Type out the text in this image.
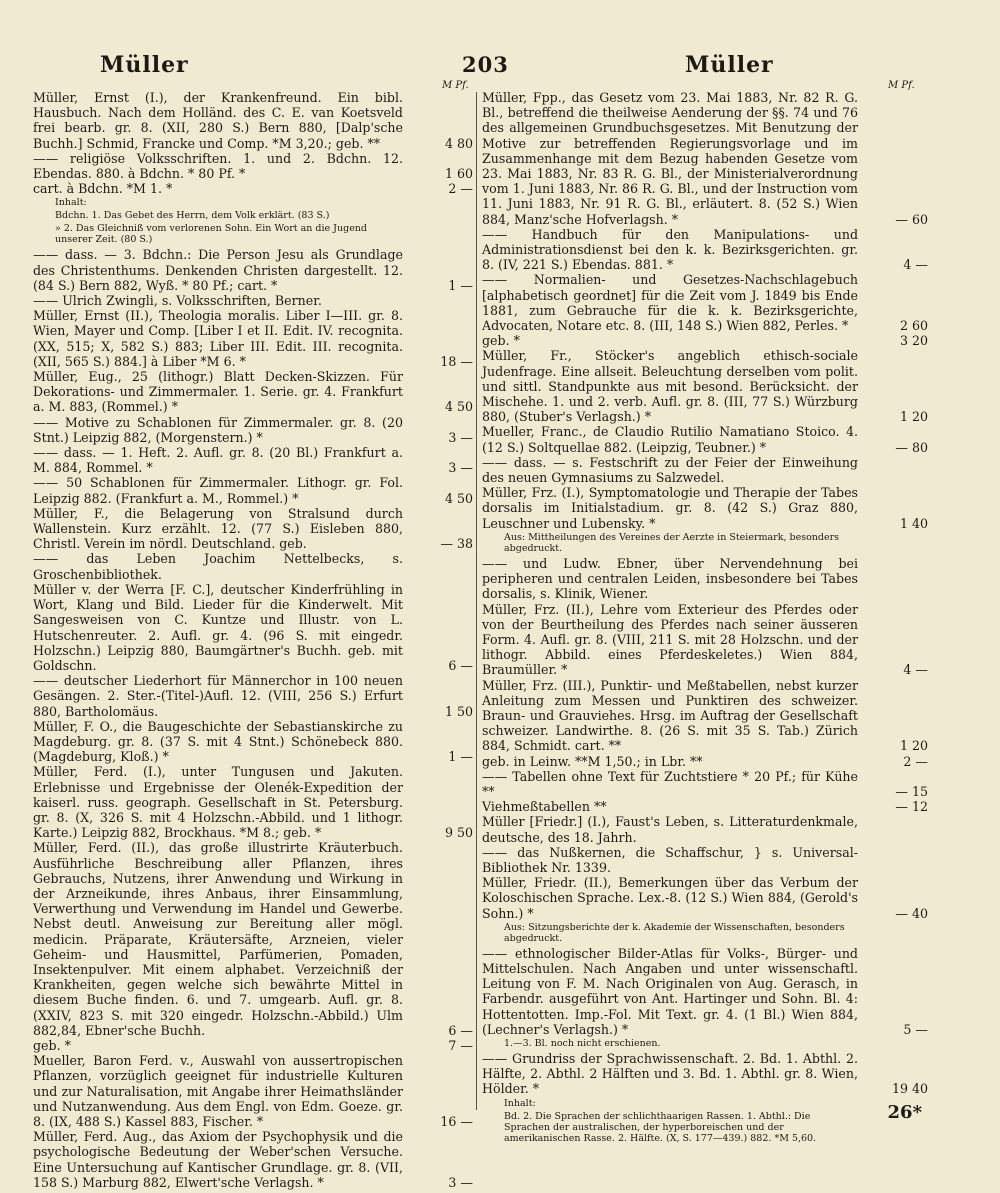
Müller	203	Müller
M Pf.	M Pf.
Müller, Ernst (I.), der Krankenfreund. Ein bibl. Hausbuch. Nach dem Holländ. des C. E. van Koetsveld frei bearb. gr. 8. (XII, 280 S.) Bern 880, [Dalp'sche Buchh.] Schmid, Francke und Comp. *M 3,20.; geb. **	4 80
—— religiöse Volksschriften. 1. und 2. Bdchn. 12. Ebendas. 880. à Bdchn. * 80 Pf. *	1 60
cart. à Bdchn. *M 1. *	2 —
Inhalt:
Bdchn. 1. Das Gebet des Herrn, dem Volk erklärt. (83 S.)
» 2. Das Gleichniß vom verlorenen Sohn. Ein Wort an die Jugend unserer Zeit. (80 S.)
—— dass. — 3. Bdchn.: Die Person Jesu als Grundlage des Christenthums. Denkenden Christen dargestellt. 12. (84 S.) Bern 882, Wyß. * 80 Pf.; cart. *	1 —
—— Ulrich Zwingli, s. Volksschriften, Berner.
Müller, Ernst (II.), Theologia moralis. Liber I—III. gr. 8. Wien, Mayer und Comp. [Liber I et II. Edit. IV. recognita. (XX, 515; X, 582 S.) 883; Liber III. Edit. III. recognita. (XII, 565 S.) 884.] à Liber *M 6. *	18 —
Müller, Eug., 25 (lithogr.) Blatt Decken-Skizzen. Für Dekorations- und Zimmermaler. 1. Serie. gr. 4. Frankfurt a. M. 883, (Rommel.) *	4 50
—— Motive zu Schablonen für Zimmermaler. gr. 8. (20 Stnt.) Leipzig 882, (Morgenstern.) *	3 —
—— dass. — 1. Heft. 2. Aufl. gr. 8. (20 Bl.) Frankfurt a. M. 884, Rommel. *	3 —
—— 50 Schablonen für Zimmermaler. Lithogr. gr. Fol. Leipzig 882. (Frankfurt a. M., Rommel.) *	4 50
Müller, F., die Belagerung von Stralsund durch Wallenstein. Kurz erzählt. 12. (77 S.) Eisleben 880, Christl. Verein im nördl. Deutschland. geb.	— 38
—— das Leben Joachim Nettelbecks, s. Groschenbibliothek.
Müller v. der Werra [F. C.], deutscher Kinderfrühling in Wort, Klang und Bild. Lieder für die Kinderwelt. Mit Sangesweisen von C. Kuntze und Illustr. von L. Hutschenreuter. 2. Aufl. gr. 4. (96 S. mit eingedr. Holzschn.) Leipzig 880, Baumgärtner's Buchh. geb. mit Goldschn.	6 —
—— deutscher Liederhort für Männerchor in 100 neuen Gesängen. 2. Ster.-(Titel-)Aufl. 12. (VIII, 256 S.) Erfurt 880, Bartholomäus.	1 50
Müller, F. O., die Baugeschichte der Sebastianskirche zu Magdeburg. gr. 8. (37 S. mit 4 Stnt.) Schönebeck 880. (Magdeburg, Kloß.) *	1 —
Müller, Ferd. (I.), unter Tungusen und Jakuten. Erlebnisse und Ergebnisse der Olenék-Expedition der kaiserl. russ. geograph. Gesellschaft in St. Petersburg. gr. 8. (X, 326 S. mit 4 Holzschn.-Abbild. und 1 lithogr. Karte.) Leipzig 882, Brockhaus. *M 8.; geb. *	9 50
Müller, Ferd. (II.), das große illustrirte Kräuterbuch. Ausführliche Beschreibung aller Pflanzen, ihres Gebrauchs, Nutzens, ihrer Anwendung und Wirkung in der Arzneikunde, ihres Anbaus, ihrer Einsammlung, Verwerthung und Verwendung im Handel und Gewerbe. Nebst deutl. Anweisung zur Bereitung aller mögl. medicin. Präparate, Kräutersäfte, Arzneien, vieler Geheim- und Hausmittel, Parfümerien, Pomaden, Insektenpulver. Mit einem alphabet. Verzeichniß der Krankheiten, gegen welche sich bewährte Mittel in diesem Buche finden. 6. und 7. umgearb. Aufl. gr. 8. (XXIV, 823 S. mit 320 eingedr. Holzschn.-Abbild.) Ulm 882,84, Ebner'sche Buchh.	6 —
geb. *	7 —
Mueller, Baron Ferd. v., Auswahl von aussertropischen Pflanzen, vorzüglich geeignet für industrielle Kulturen und zur Naturalisation, mit Angabe ihrer Heimathsländer und Nutzanwendung. Aus dem Engl. von Edm. Goeze. gr. 8. (IX, 488 S.) Kassel 883, Fischer. *	16 —
Müller, Ferd. Aug., das Axiom der Psychophysik und die psychologische Bedeutung der Weber'schen Versuche. Eine Untersuchung auf Kantischer Grundlage. gr. 8. (VII, 158 S.) Marburg 882, Elwert'sche Verlagsh. *	3 —
Müller, Fpp., das Gesetz vom 23. Mai 1883, Nr. 82 R. G. Bl., betreffend die theilweise Aenderung der §§. 74 und 76 des allgemeinen Grundbuchsgesetzes. Mit Benutzung der Motive zur betreffenden Regierungsvorlage und im Zusammenhange mit dem Bezug habenden Gesetze vom 23. Mai 1883, Nr. 83 R. G. Bl., der Ministerialverordnung vom 1. Juni 1883, Nr. 86 R. G. Bl., und der Instruction vom 11. Juni 1883, Nr. 91 R. G. Bl., erläutert. 8. (52 S.) Wien 884, Manz'sche Hofverlagsh. *	— 60
—— Handbuch für den Manipulations- und Administrationsdienst bei den k. k. Bezirksgerichten. gr. 8. (IV, 221 S.) Ebendas. 881. *	4 —
—— Normalien- und Gesetzes-Nachschlagebuch [alphabetisch geordnet] für die Zeit vom J. 1849 bis Ende 1881, zum Gebrauche für die k. k. Bezirksgerichte, Advocaten, Notare etc. 8. (III, 148 S.) Wien 882, Perles. *	2 60
geb. *	3 20
Müller, Fr., Stöcker's angeblich ethisch-sociale Judenfrage. Eine allseit. Beleuchtung derselben vom polit. und sittl. Standpunkte aus mit besond. Berücksicht. der Mischehe. 1. und 2. verb. Aufl. gr. 8. (III, 77 S.) Würzburg 880, (Stuber's Verlagsh.) *	1 20
Mueller, Franc., de Claudio Rutilio Namatiano Stoico. 4. (12 S.) Soltquellae 882. (Leipzig, Teubner.) *	— 80
—— dass. — s. Festschrift zu der Feier der Einweihung des neuen Gymnasiums zu Salzwedel.
Müller, Frz. (I.), Symptomatologie und Therapie der Tabes dorsalis im Initialstadium. gr. 8. (42 S.) Graz 880, Leuschner und Lubensky. *	1 40
Aus: Mittheilungen des Vereines der Aerzte in Steiermark, besonders abgedruckt.
—— und Ludw. Ebner, über Nervendehnung bei peripheren und centralen Leiden, insbesondere bei Tabes dorsalis, s. Klinik, Wiener.
Müller, Frz. (II.), Lehre vom Exterieur des Pferdes oder von der Beurtheilung des Pferdes nach seiner äusseren Form. 4. Aufl. gr. 8. (VIII, 211 S. mit 28 Holzschn. und der lithogr. Abbild. eines Pferdeskeletes.) Wien 884, Braumüller. *	4 —
Müller, Frz. (III.), Punktir- und Meßtabellen, nebst kurzer Anleitung zum Messen und Punktiren des schweizer. Braun- und Grauviehes. Hrsg. im Auftrag der Gesellschaft schweizer. Landwirthe. 8. (26 S. mit 35 S. Tab.) Zürich 884, Schmidt. cart. **	1 20
geb. in Leinw. **M 1,50.; in Lbr. **	2 —
—— Tabellen ohne Text für Zuchtstiere * 20 Pf.; für Kühe **	— 15
Viehmeßtabellen **	— 12
Müller [Friedr.] (I.), Faust's Leben, s. Litteraturdenkmale, deutsche, des 18. Jahrh.
—— das Nußkernen, die Schaffschur, } s. Universal-Bibliothek Nr. 1339.
Müller, Friedr. (II.), Bemerkungen über das Verbum der Koloschischen Sprache. Lex.-8. (12 S.) Wien 884, (Gerold's Sohn.) *	— 40
Aus: Sitzungsberichte der k. Akademie der Wissenschaften, besonders abgedruckt.
—— ethnologischer Bilder-Atlas für Volks-, Bürger- und Mittelschulen. Nach Angaben und unter wissenschaftl. Leitung von F. M. Nach Originalen von Aug. Gerasch, in Farbendr. ausgeführt von Ant. Hartinger und Sohn. Bl. 4: Hottentotten. Imp.-Fol. Mit Text. gr. 4. (1 Bl.) Wien 884, (Lechner's Verlagsh.) *	5 —
1.—3. Bl. noch nicht erschienen.
—— Grundriss der Sprachwissenschaft. 2. Bd. 1. Abthl. 2. Hälfte, 2. Abthl. 2 Hälften und 3. Bd. 1. Abthl. gr. 8. Wien, Hölder. *	19 40
Inhalt:
Bd. 2. Die Sprachen der schlichthaarigen Rassen. 1. Abthl.: Die Sprachen der australischen, der hyperboreischen und der amerikanischen Rasse. 2. Hälfte. (X, S. 177—439.) 882. *M 5,60.
26*
